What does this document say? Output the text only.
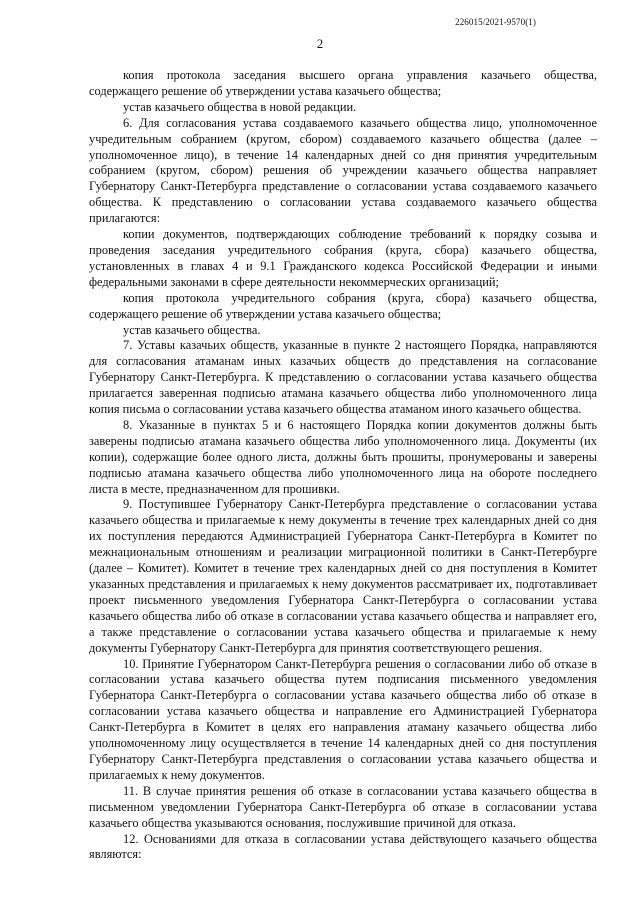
226015/2021-9570(1)
2

копия протокола заседания высшего органа управления казачьего общества, содержащего решение об утверждении устава казачьего общества;

устав казачьего общества в новой редакции.

6. Для согласования устава создаваемого казачьего общества лицо, уполномоченное учредительным собранием (кругом, сбором) создаваемого казачьего общества (далее – уполномоченное лицо), в течение 14 календарных дней со дня принятия учредительным собранием (кругом, сбором) решения об учреждении казачьего общества направляет Губернатору Санкт-Петербурга представление о согласовании устава создаваемого казачьего общества. К представлению о согласовании устава создаваемого казачьего общества прилагаются:

копии документов, подтверждающих соблюдение требований к порядку созыва и проведения заседания учредительного собрания (круга, сбора) казачьего общества, установленных в главах 4 и 9.1 Гражданского кодекса Российской Федерации и иными федеральными законами в сфере деятельности некоммерческих организаций;

копия протокола учредительного собрания (круга, сбора) казачьего общества, содержащего решение об утверждении устава казачьего общества;

устав казачьего общества.

7. Уставы казачьих обществ, указанные в пункте 2 настоящего Порядка, направляются для согласования атаманам иных казачьих обществ до представления на согласование Губернатору Санкт-Петербурга. К представлению о согласовании устава казачьего общества прилагается заверенная подписью атамана казачьего общества либо уполномоченного лица копия письма о согласовании устава казачьего общества атаманом иного казачьего общества.

8. Указанные в пунктах 5 и 6 настоящего Порядка копии документов должны быть заверены подписью атамана казачьего общества либо уполномоченного лица. Документы (их копии), содержащие более одного листа, должны быть прошиты, пронумерованы и заверены подписью атамана казачьего общества либо уполномоченного лица на обороте последнего листа в месте, предназначенном для прошивки.

9. Поступившее Губернатору Санкт-Петербурга представление о согласовании устава казачьего общества и прилагаемые к нему документы в течение трех календарных дней со дня их поступления передаются Администрацией Губернатора Санкт-Петербурга в Комитет по межнациональным отношениям и реализации миграционной политики в Санкт-Петербурге (далее – Комитет). Комитет в течение трех календарных дней со дня поступления в Комитет указанных представления и прилагаемых к нему документов рассматривает их, подготавливает проект письменного уведомления Губернатора Санкт-Петербурга о согласовании устава казачьего общества либо об отказе в согласовании устава казачьего общества и направляет его, а также представление о согласовании устава казачьего общества и прилагаемые к нему документы Губернатору Санкт-Петербурга для принятия соответствующего решения.

10. Принятие Губернатором Санкт-Петербурга решения о согласовании либо об отказе в согласовании устава казачьего общества путем подписания письменного уведомления Губернатора Санкт-Петербурга о согласовании устава казачьего общества либо об отказе в согласовании устава казачьего общества и направление его Администрацией Губернатора Санкт-Петербурга в Комитет в целях его направления атаману казачьего общества либо уполномоченному лицу осуществляется в течение 14 календарных дней со дня поступления Губернатору Санкт-Петербурга представления о согласовании устава казачьего общества и прилагаемых к нему документов.

11. В случае принятия решения об отказе в согласовании устава казачьего общества в письменном уведомлении Губернатора Санкт-Петербурга об отказе в согласовании устава казачьего общества указываются основания, послужившие причиной для отказа.

12. Основаниями для отказа в согласовании устава действующего казачьего общества являются:
